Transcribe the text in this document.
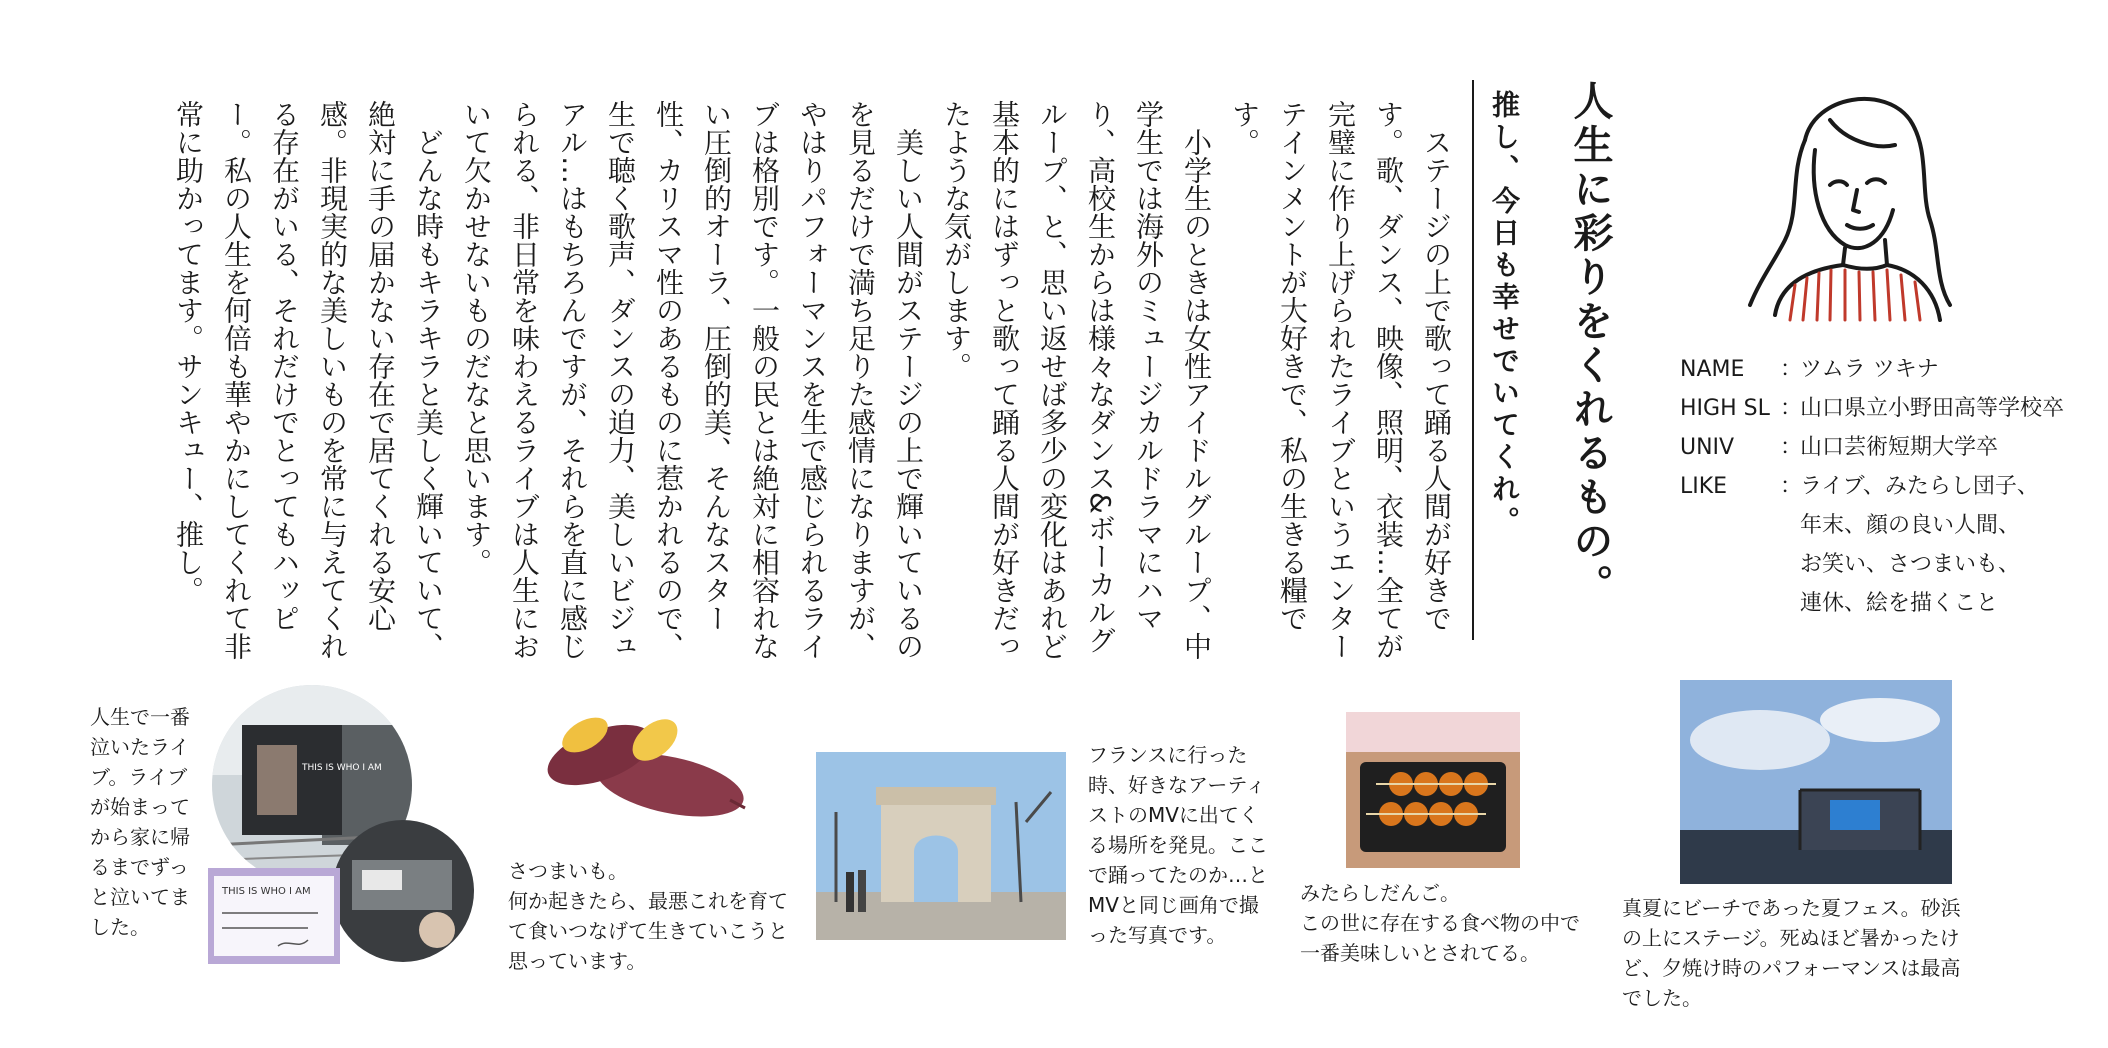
人生に彩りをくれるもの。
推し、今日も幸せでいてくれ。

ステージの上で歌って踊る人間が好きです。歌、ダンス、映像、照明、衣装…全てが完璧に作り上げられたライブというエンターテインメントが大好きで、私の生きる糧です。

小学生のときは女性アイドルグループ、中学生では海外のミュージカルドラマにハマり、高校生からは様々なダンス&ボーカルグループ、と、思い返せば多少の変化はあれど基本的にはずっと歌って踊る人間が好きだったような気がします。

美しい人間がステージの上で輝いているのを見るだけで満ち足りた感情になりますが、やはりパフォーマンスを生で感じられるライブは格別です。一般の民とは絶対に相容れない圧倒的オーラ、圧倒的美、そんなスター性、カリスマ性のあるものに惹かれるので、生で聴く歌声、ダンスの迫力、美しいビジュアル…はもちろんですが、それらを直に感じられる、非日常を味わえるライブは人生において欠かせないものだなと思います。

どんな時もキラキラと美しく輝いていて、絶対に手の届かない存在で居てくれる安心感。非現実的な美しいものを常に与えてくれる存在がいる、それだけでとってもハッピー。私の人生を何倍も華やかにしてくれて非常に助かってます。サンキュー、推し。	NAME	：
ツムラ ツキナ
HIGH SL ：
山口県立小野田高等学校卒
UNIV	：
山口芸術短期大学卒
LIKE	：
ライブ、みたらし団子、
年末、顔の良い人間、
お笑い、さつまいも、
連休、絵を描くこと
THIS IS WHO I AM
THIS IS WHO I AM
人生で一番泣いたライブ。ライブが始まってから家に帰るまでずっと泣いてました。
さつまいも。
何か起きたら、最悪これを育てて食いつなげて生きていこうと思っています。
フランスに行った時、好きなアーティストのMVに出てくる場所を発見。ここで踊ってたのか…とMVと同じ画角で撮った写真です。
みたらしだんご。
この世に存在する食べ物の中で一番美味しいとされてる。
真夏にビーチであった夏フェス。砂浜の上にステージ。死ぬほど暑かったけど、夕焼け時のパフォーマンスは最高でした。
